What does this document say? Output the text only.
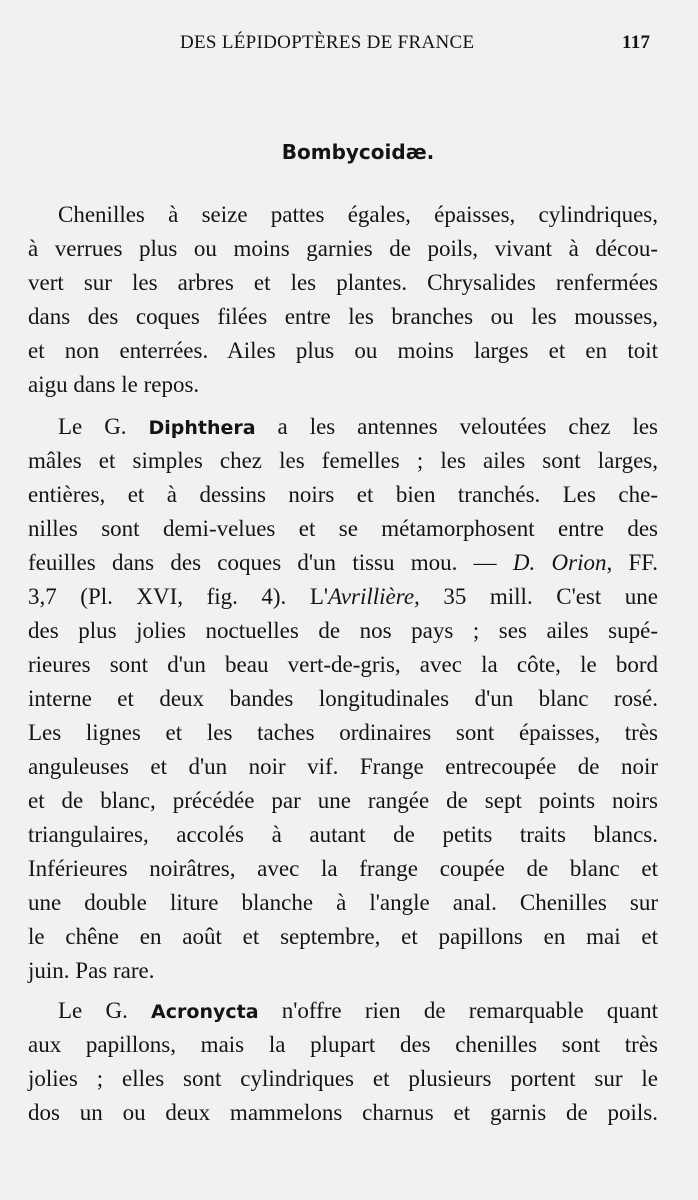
DES LÉPIDOPTÈRES DE FRANCE	117
Bombycoidæ.
Chenilles à seize pattes égales, épaisses, cylindriques,
à verrues plus ou moins garnies de poils, vivant à décou-
vert sur les arbres et les plantes. Chrysalides renfermées
dans des coques filées entre les branches ou les mousses,
et non enterrées. Ailes plus ou moins larges et en toit
aigu dans le repos.
Le G. Diphthera a les antennes veloutées chez les
mâles et simples chez les femelles ; les ailes sont larges,
entières, et à dessins noirs et bien tranchés. Les che-
nilles sont demi-velues et se métamorphosent entre des
feuilles dans des coques d'un tissu mou. — D. Orion, FF.
3,7 (Pl. XVI, fig. 4). L'Avrillière, 35 mill. C'est une
des plus jolies noctuelles de nos pays ; ses ailes supé-
rieures sont d'un beau vert-de-gris, avec la côte, le bord
interne et deux bandes longitudinales d'un blanc rosé.
Les lignes et les taches ordinaires sont épaisses, très
anguleuses et d'un noir vif. Frange entrecoupée de noir
et de blanc, précédée par une rangée de sept points noirs
triangulaires, accolés à autant de petits traits blancs.
Inférieures noirâtres, avec la frange coupée de blanc et
une double liture blanche à l'angle anal. Chenilles sur
le chêne en août et septembre, et papillons en mai et
juin. Pas rare.
Le G. Acronycta n'offre rien de remarquable quant
aux papillons, mais la plupart des chenilles sont très
jolies ; elles sont cylindriques et plusieurs portent sur le
dos un ou deux mammelons charnus et garnis de poils.
